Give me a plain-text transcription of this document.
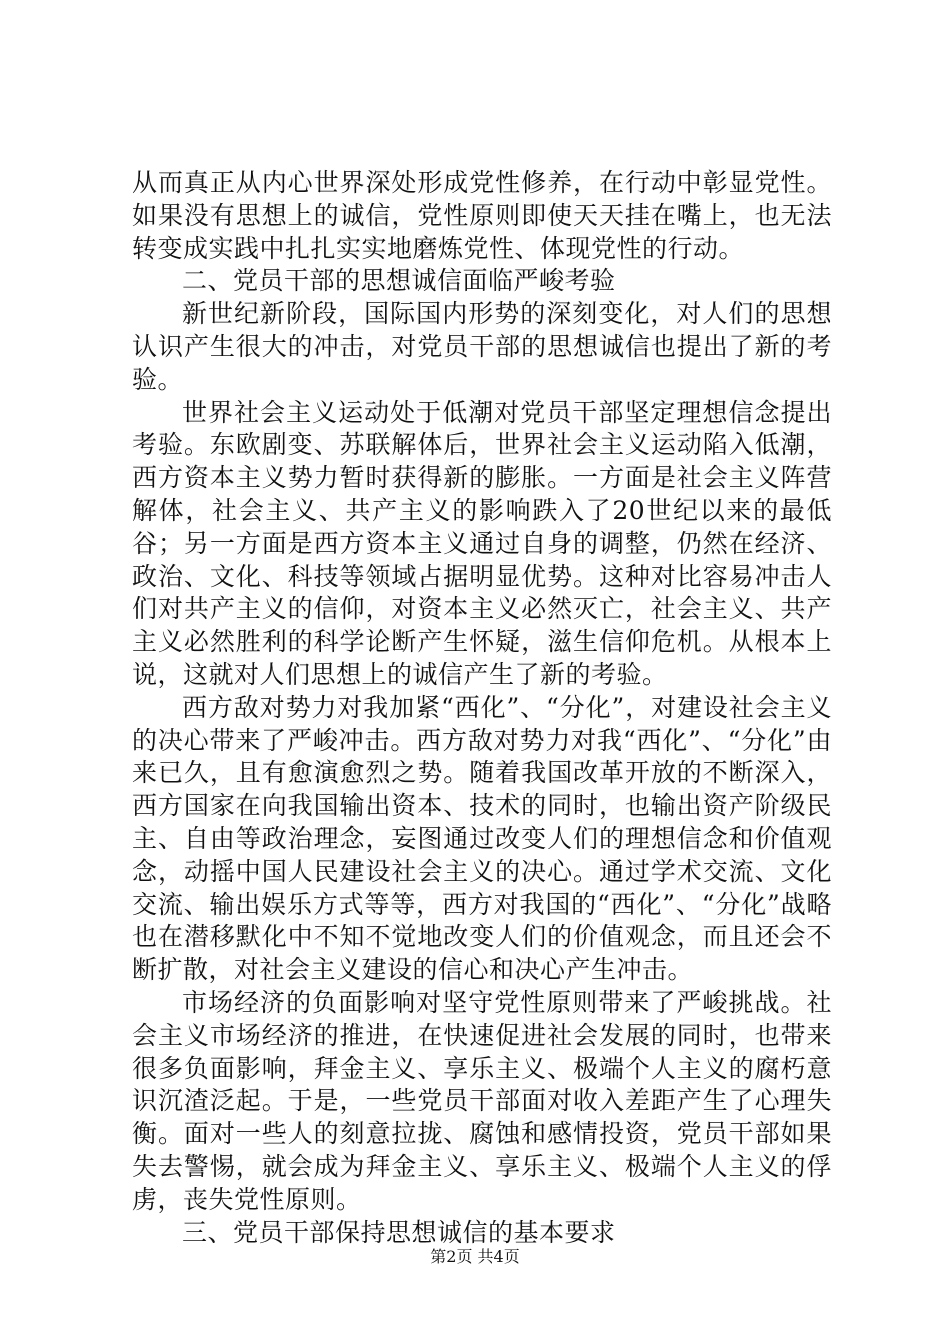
从而真正从内心世界深处形成党性修养，在行动中彰显党性。如果没有思想上的诚信，党性原则即使天天挂在嘴上，也无法转变成实践中扎扎实实地磨炼党性、体现党性的行动。

二、党员干部的思想诚信面临严峻考验

新世纪新阶段，国际国内形势的深刻变化，对人们的思想认识产生很大的冲击，对党员干部的思想诚信也提出了新的考验。

世界社会主义运动处于低潮对党员干部坚定理想信念提出考验。东欧剧变、苏联解体后，世界社会主义运动陷入低潮，西方资本主义势力暂时获得新的膨胀。一方面是社会主义阵营解体，社会主义、共产主义的影响跌入了20世纪以来的最低谷；另一方面是西方资本主义通过自身的调整，仍然在经济、政治、文化、科技等领域占据明显优势。这种对比容易冲击人们对共产主义的信仰，对资本主义必然灭亡，社会主义、共产主义必然胜利的科学论断产生怀疑，滋生信仰危机。从根本上说，这就对人们思想上的诚信产生了新的考验。

西方敌对势力对我加紧“西化”、“分化”，对建设社会主义的决心带来了严峻冲击。西方敌对势力对我“西化”、“分化”由来已久，且有愈演愈烈之势。随着我国改革开放的不断深入，西方国家在向我国输出资本、技术的同时，也输出资产阶级民主、自由等政治理念，妄图通过改变人们的理想信念和价值观念，动摇中国人民建设社会主义的决心。通过学术交流、文化交流、输出娱乐方式等等，西方对我国的“西化”、“分化”战略也在潜移默化中不知不觉地改变人们的价值观念，而且还会不断扩散，对社会主义建设的信心和决心产生冲击。

市场经济的负面影响对坚守党性原则带来了严峻挑战。社会主义市场经济的推进，在快速促进社会发展的同时，也带来很多负面影响，拜金主义、享乐主义、极端个人主义的腐朽意识沉渣泛起。于是，一些党员干部面对收入差距产生了心理失衡。面对一些人的刻意拉拢、腐蚀和感情投资，党员干部如果失去警惕，就会成为拜金主义、享乐主义、极端个人主义的俘虏，丧失党性原则。

三、党员干部保持思想诚信的基本要求

第2页 共4页
